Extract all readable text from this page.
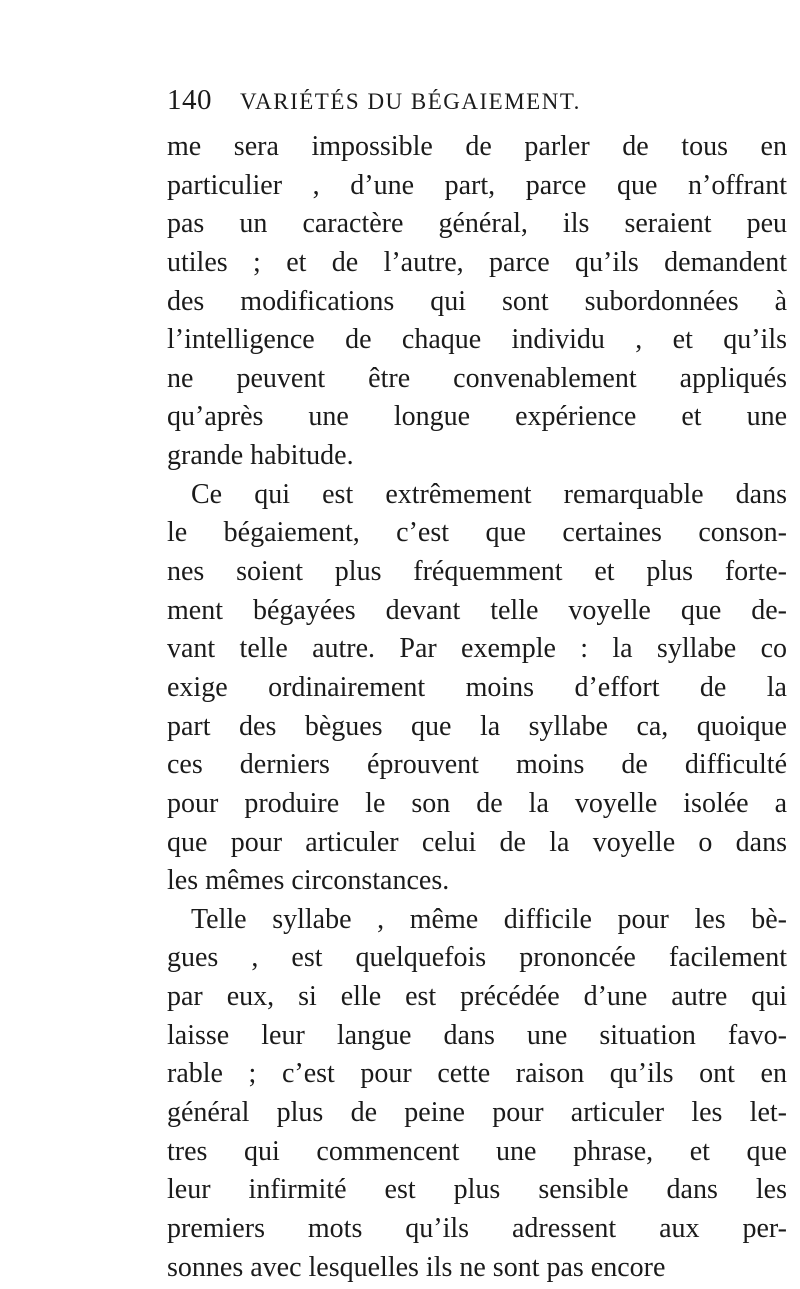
140 VARIÉTÉS DU BÉGAIEMENT.
me sera impossible de parler de tous en
particulier , d’une part, parce que n’offrant
pas un caractère général, ils seraient peu
utiles ; et de l’autre, parce qu’ils demandent
des modifications qui sont subordonnées à
l’intelligence de chaque individu , et qu’ils
ne peuvent être convenablement appliqués
qu’après une longue expérience et une
grande habitude.
Ce qui est extrêmement remarquable dans
le bégaiement, c’est que certaines conson-
nes soient plus fréquemment et plus forte-
ment bégayées devant telle voyelle que de-
vant telle autre. Par exemple : la syllabe co
exige ordinairement moins d’effort de la
part des bègues que la syllabe ca, quoique
ces derniers éprouvent moins de difficulté
pour produire le son de la voyelle isolée a
que pour articuler celui de la voyelle o dans
les mêmes circonstances.
Telle syllabe , même difficile pour les bè-
gues , est quelquefois prononcée facilement
par eux, si elle est précédée d’une autre qui
laisse leur langue dans une situation favo-
rable ; c’est pour cette raison qu’ils ont en
général plus de peine pour articuler les let-
tres qui commencent une phrase, et que
leur infirmité est plus sensible dans les
premiers mots qu’ils adressent aux per-
sonnes avec lesquelles ils ne sont pas encore
